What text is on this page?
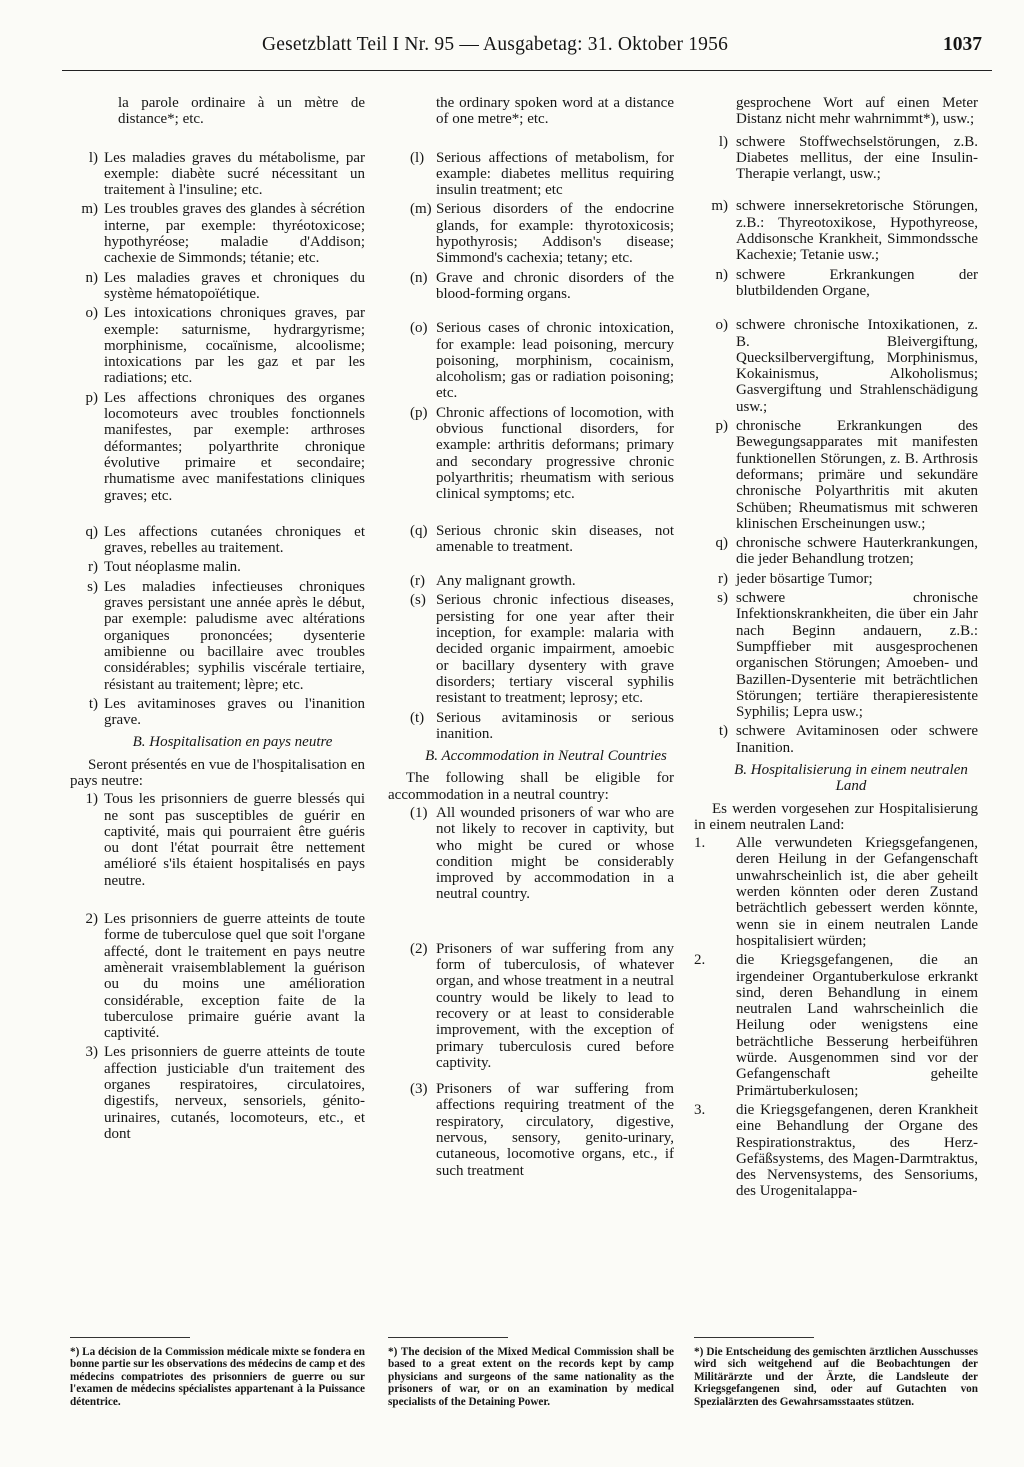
Gesetzblatt Teil I Nr. 95 — Ausgabetag: 31. Oktober 1956	1037
la parole ordinaire à un mètre de distance*; etc.
l) Les maladies graves du métabolisme, par exemple: diabète sucré nécessitant un traitement à l'insuline; etc.
m) Les troubles graves des glandes à sécrétion interne, par exemple: thyréotoxicose; hypothyréose; maladie d'Addison; cachexie de Simmonds; tétanie; etc.
n) Les maladies graves et chroniques du système hématopoïétique.
o) Les intoxications chroniques graves, par exemple: saturnisme, hydrargyrisme; morphinisme, cocaïnisme, alcoolisme; intoxications par les gaz et par les radiations; etc.
p) Les affections chroniques des organes locomoteurs avec troubles fonctionnels manifestes, par exemple: arthroses déformantes; polyarthrite chronique évolutive primaire et secondaire; rhumatisme avec manifestations cliniques graves; etc.
q) Les affections cutanées chroniques et graves, rebelles au traitement.
r) Tout néoplasme malin.
s) Les maladies infectieuses chroniques graves persistant une année après le début, par exemple: paludisme avec altérations organiques prononcées; dysenterie amibienne ou bacillaire avec troubles considérables; syphilis viscérale tertiaire, résistant au traitement; lèpre; etc.
t) Les avitaminoses graves ou l'inanition grave.
B. Hospitalisation en pays neutre
Seront présentés en vue de l'hospitalisation en pays neutre:
1) Tous les prisonniers de guerre blessés qui ne sont pas susceptibles de guérir en captivité, mais qui pourraient être guéris ou dont l'état pourrait être nettement amélioré s'ils étaient hospitalisés en pays neutre.
2) Les prisonniers de guerre atteints de toute forme de tuberculose quel que soit l'organe affecté, dont le traitement en pays neutre amènerait vraisemblablement la guérison ou du moins une amélioration considérable, exception faite de la tuberculose primaire guérie avant la captivité.
3) Les prisonniers de guerre atteints de toute affection justiciable d'un traitement des organes respiratoires, circulatoires, digestifs, nerveux, sensoriels, génito-urinaires, cutanés, locomoteurs, etc., et dont
the ordinary spoken word at a distance of one metre*; etc.
(l) Serious affections of metabolism, for example: diabetes mellitus requiring insulin treatment; etc
(m) Serious disorders of the endocrine glands, for example: thyrotoxicosis; hypothyrosis; Addison's disease; Simmond's cachexia; tetany; etc.
(n) Grave and chronic disorders of the blood-forming organs.
(o) Serious cases of chronic intoxication, for example: lead poisoning, mercury poisoning, morphinism, cocainism, alcoholism; gas or radiation poisoning; etc.
(p) Chronic affections of locomotion, with obvious functional disorders, for example: arthritis deformans; primary and secondary progressive chronic polyarthritis; rheumatism with serious clinical symptoms; etc.
(q) Serious chronic skin diseases, not amenable to treatment.
(r) Any malignant growth.
(s) Serious chronic infectious diseases, persisting for one year after their inception, for example: malaria with decided organic impairment, amoebic or bacillary dysentery with grave disorders; tertiary visceral syphilis resistant to treatment; leprosy; etc.
(t) Serious avitaminosis or serious inanition.
B. Accommodation in Neutral Countries
The following shall be eligible for accommodation in a neutral country:
(1) All wounded prisoners of war who are not likely to recover in captivity, but who might be cured or whose condition might be considerably improved by accommodation in a neutral country.
(2) Prisoners of war suffering from any form of tuberculosis, of whatever organ, and whose treatment in a neutral country would be likely to lead to recovery or at least to considerable improvement, with the exception of primary tuberculosis cured before captivity.
(3) Prisoners of war suffering from affections requiring treatment of the respiratory, circulatory, digestive, nervous, sensory, genito-urinary, cutaneous, locomotive organs, etc., if such treatment
gesprochene Wort auf einen Meter Distanz nicht mehr wahrnimmt*), usw.;
l) schwere Stoffwechselstörungen, z.B. Diabetes mellitus, der eine Insulin-Therapie verlangt, usw.;
m) schwere innersekretorische Störungen, z.B.: Thyreotoxikose, Hypothyreose, Addisonsche Krankheit, Simmondssche Kachexie; Tetanie usw.;
n) schwere Erkrankungen der blutbildenden Organe,
o) schwere chronische Intoxikationen, z. B. Bleivergiftung, Quecksilbervergiftung, Morphinismus, Kokainismus, Alkoholismus; Gasvergiftung und Strahlenschädigung usw.;
p) chronische Erkrankungen des Bewegungsapparates mit manifesten funktionellen Störungen, z. B. Arthrosis deformans; primäre und sekundäre chronische Polyarthritis mit akuten Schüben; Rheumatismus mit schweren klinischen Erscheinungen usw.;
q) chronische schwere Hauterkrankungen, die jeder Behandlung trotzen;
r) jeder bösartige Tumor;
s) schwere chronische Infektionskrankheiten, die über ein Jahr nach Beginn andauern, z.B.: Sumpffieber mit ausgesprochenen organischen Störungen; Amoeben- und Bazillen-Dysenterie mit beträchtlichen Störungen; tertiäre therapieresistente Syphilis; Lepra usw.;
t) schwere Avitaminosen oder schwere Inanition.
B. Hospitalisierung in einem neutralen Land
Es werden vorgesehen zur Hospitalisierung in einem neutralen Land:
1.	Alle verwundeten Kriegsgefangenen, deren Heilung in der Gefangenschaft unwahrscheinlich ist, die aber geheilt werden könnten oder deren Zustand beträchtlich gebessert werden könnte, wenn sie in einem neutralen Lande hospitalisiert würden;
2.	die Kriegsgefangenen, die an irgendeiner Organtuberkulose erkrankt sind, deren Behandlung in einem neutralen Land wahrscheinlich die Heilung oder wenigstens eine beträchtliche Besserung herbeiführen würde. Ausgenommen sind vor der Gefangenschaft geheilte Primärtuberkulosen;
3.	die Kriegsgefangenen, deren Krankheit eine Behandlung der Organe des Respirationstraktus, des Herz-Gefäßsystems, des Magen-Darmtraktus, des Nervensystems, des Sensoriums, des Urogenitalappa-
*) La décision de la Commission médicale mixte se fondera en bonne partie sur les observations des médecins de camp et des médecins compatriotes des prisonniers de guerre ou sur l'examen de médecins spécialistes appartenant à la Puissance détentrice.
*) The decision of the Mixed Medical Commission shall be based to a great extent on the records kept by camp physicians and surgeons of the same nationality as the prisoners of war, or on an examination by medical specialists of the Detaining Power.
*) Die Entscheidung des gemischten ärztlichen Ausschusses wird sich weitgehend auf die Beobachtungen der Militärärzte und der Ärzte, die Landsleute der Kriegsgefangenen sind, oder auf Gutachten von Spezialärzten des Gewahrsamsstaates stützen.
